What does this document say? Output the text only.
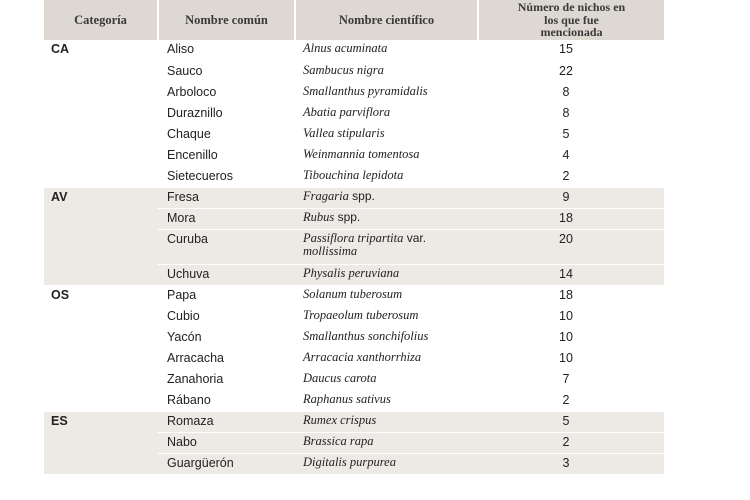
Categoría	Nombre común	Nombre científico	Número de nichos en
los que fue
mencionada
CA	Aliso	Alnus acuminata	15
	Sauco	Sambucus nigra	22
	Arboloco	Smallanthus pyramidalis	8
	Duraznillo	Abatia parviflora	8
	Chaque	Vallea stipularis	5
	Encenillo	Weinmannia tomentosa	4
	Sietecueros	Tibouchina lepidota	2
AV	Fresa	Fragaria spp.	9
	Mora	Rubus spp.	18
	Curuba	Passiflora tripartita var.
mollissima	20
	Uchuva	Physalis peruviana	14
OS	Papa	Solanum tuberosum	18
	Cubio	Tropaeolum tuberosum	10
	Yacón	Smallanthus sonchifolius	10
	Arracacha	Arracacia xanthorrhiza	10
	Zanahoria	Daucus carota	7
	Rábano	Raphanus sativus	2
ES	Romaza	Rumex crispus	5
	Nabo	Brassica rapa	2
	Guargüerón	Digitalis purpurea	3
